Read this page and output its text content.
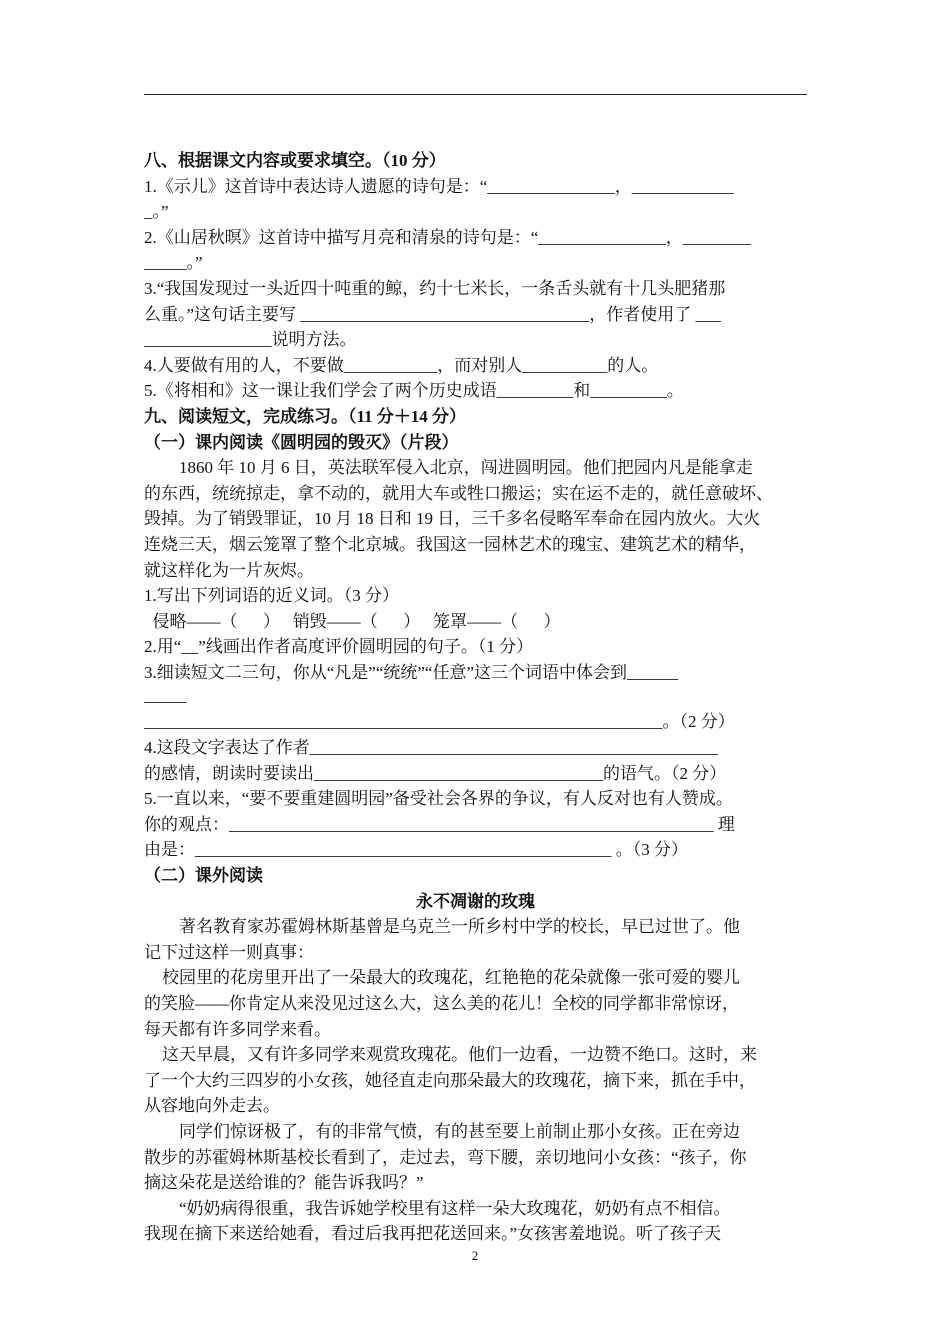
八、根据课文内容或要求填空。（10 分）
1.《示儿》这首诗中表达诗人遗愿的诗句是：“_______________，____________
_。”
2.《山居秋暝》这首诗中描写月亮和清泉的诗句是：“_______________，________
_____。”
3.“我国发现过一头近四十吨重的鲸，约十七米长，一条舌头就有十几头肥猪那
么重。”这句话主要写 __________________________________，作者使用了 ___
_______________说明方法。
4.人要做有用的人，不要做___________，而对别人__________的人。
5.《将相和》这一课让我们学会了两个历史成语_________和_________。
九、阅读短文，完成练习。（11 分＋14 分）
（一）课内阅读《圆明园的毁灭》（片段）
1860 年 10 月 6 日，英法联军侵入北京，闯进圆明园。他们把园内凡是能拿走
的东西，统统掠走，拿不动的，就用大车或牲口搬运；实在运不走的，就任意破坏、
毁掉。为了销毁罪证，10 月 18 日和 19 日，三千多名侵略军奉命在园内放火。大火
连烧三天，烟云笼罩了整个北京城。我国这一园林艺术的瑰宝、建筑艺术的精华，
就这样化为一片灰烬。
1.写出下列词语的近义词。（3 分）
侵略——（      ）   销毁——（      ）   笼罩——（      ）
2.用“__”线画出作者高度评价圆明园的句子。（1 分）
3.细读短文二三句，你从“凡是”“统统”“任意”这三个词语中体会到______
_____
_____________________________________________________________。（2 分）
4.这段文字表达了作者________________________________________________
的感情，朗读时要读出__________________________________的语气。（2 分）
5.一直以来，“要不要重建圆明园”备受社会各界的争议，有人反对也有人赞成。
你的观点：_________________________________________________________ 理
由是：_________________________________________________ 。（3 分）
（二）课外阅读
永不凋谢的玫瑰
著名教育家苏霍姆林斯基曾是乌克兰一所乡村中学的校长，早已过世了。他
记下过这样一则真事：
校园里的花房里开出了一朵最大的玫瑰花，红艳艳的花朵就像一张可爱的婴儿
的笑脸——你肯定从来没见过这么大，这么美的花儿！全校的同学都非常惊讶，
每天都有许多同学来看。
这天早晨，又有许多同学来观赏玫瑰花。他们一边看，一边赞不绝口。这时，来
了一个大约三四岁的小女孩，她径直走向那朵最大的玫瑰花，摘下来，抓在手中，
从容地向外走去。
同学们惊讶极了，有的非常气愤，有的甚至要上前制止那小女孩。正在旁边
散步的苏霍姆林斯基校长看到了，走过去，弯下腰，亲切地问小女孩：“孩子，你
摘这朵花是送给谁的？能告诉我吗？”
“奶奶病得很重，我告诉她学校里有这样一朵大玫瑰花，奶奶有点不相信。
我现在摘下来送给她看，看过后我再把花送回来。”女孩害羞地说。听了孩子天
2
